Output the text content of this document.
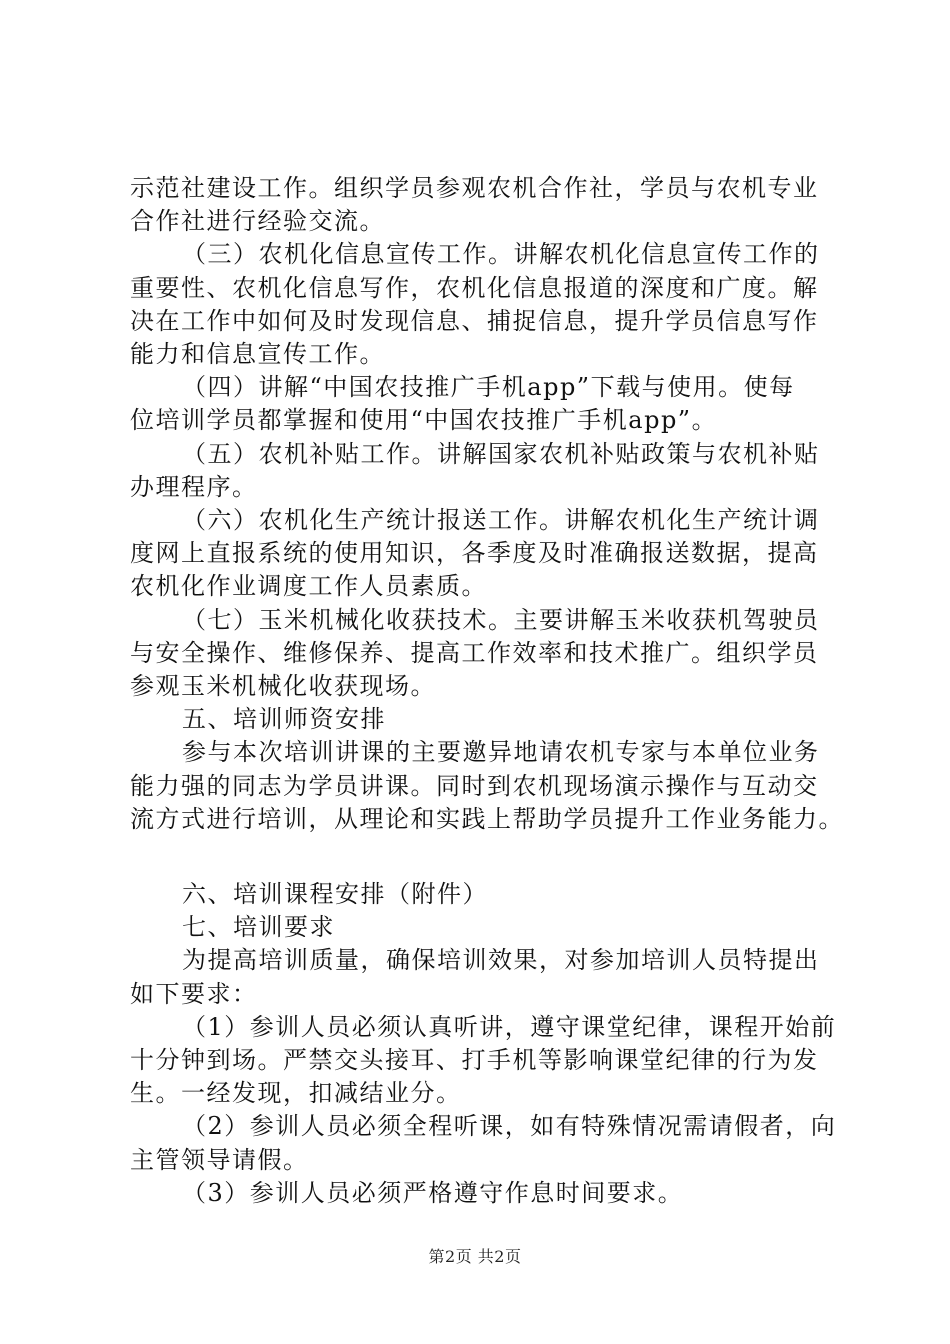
示范社建设工作。组织学员参观农机合作社，学员与农机专业

合作社进行经验交流。

（三）农机化信息宣传工作。讲解农机化信息宣传工作的

重要性、农机化信息写作，农机化信息报道的深度和广度。解

决在工作中如何及时发现信息、捕捉信息，提升学员信息写作

能力和信息宣传工作。

（四）讲解“中国农技推广手机app”下载与使用。使每

位培训学员都掌握和使用“中国农技推广手机app”。

（五）农机补贴工作。讲解国家农机补贴政策与农机补贴

办理程序。

（六）农机化生产统计报送工作。讲解农机化生产统计调

度网上直报系统的使用知识，各季度及时准确报送数据，提高

农机化作业调度工作人员素质。

（七）玉米机械化收获技术。主要讲解玉米收获机驾驶员

与安全操作、维修保养、提高工作效率和技术推广。组织学员

参观玉米机械化收获现场。

五、培训师资安排

参与本次培训讲课的主要邀异地请农机专家与本单位业务

能力强的同志为学员讲课。同时到农机现场演示操作与互动交

流方式进行培训，从理论和实践上帮助学员提升工作业务能力。

六、培训课程安排（附件）

七、培训要求

为提高培训质量，确保培训效果，对参加培训人员特提出

如下要求：

（1）参训人员必须认真听讲，遵守课堂纪律，课程开始前

十分钟到场。严禁交头接耳、打手机等影响课堂纪律的行为发

生。一经发现，扣减结业分。

（2）参训人员必须全程听课，如有特殊情况需请假者，向

主管领导请假。

（3）参训人员必须严格遵守作息时间要求。

第2页 共2页
